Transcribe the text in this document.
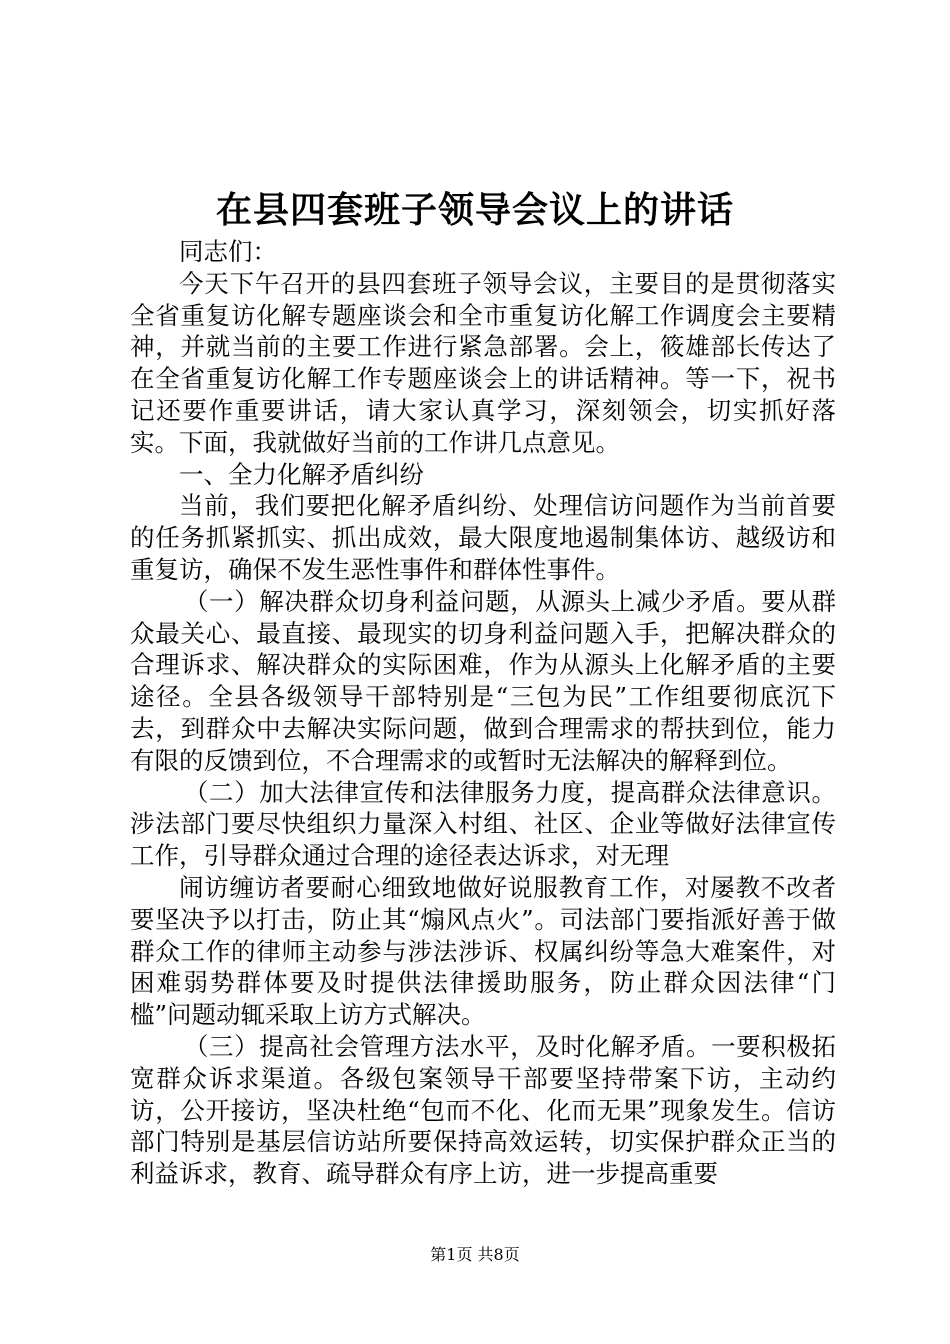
在县四套班子领导会议上的讲话

同志们：

今天下午召开的县四套班子领导会议，主要目的是贯彻落实全省重复访化解专题座谈会和全市重复访化解工作调度会主要精神，并就当前的主要工作进行紧急部署。会上，筱雄部长传达了在全省重复访化解工作专题座谈会上的讲话精神。等一下，祝书记还要作重要讲话，请大家认真学习，深刻领会，切实抓好落实。下面，我就做好当前的工作讲几点意见。

一、全力化解矛盾纠纷

当前，我们要把化解矛盾纠纷、处理信访问题作为当前首要的任务抓紧抓实、抓出成效，最大限度地遏制集体访、越级访和重复访，确保不发生恶性事件和群体性事件。

（一）解决群众切身利益问题，从源头上减少矛盾。要从群众最关心、最直接、最现实的切身利益问题入手，把解决群众的合理诉求、解决群众的实际困难，作为从源头上化解矛盾的主要途径。全县各级领导干部特别是“三包为民”工作组要彻底沉下去，到群众中去解决实际问题，做到合理需求的帮扶到位，能力有限的反馈到位，不合理需求的或暂时无法解决的解释到位。

（二）加大法律宣传和法律服务力度，提高群众法律意识。涉法部门要尽快组织力量深入村组、社区、企业等做好法律宣传工作，引导群众通过合理的途径表达诉求，对无理

闹访缠访者要耐心细致地做好说服教育工作，对屡教不改者要坚决予以打击，防止其“煽风点火”。司法部门要指派好善于做群众工作的律师主动参与涉法涉诉、权属纠纷等急大难案件，对困难弱势群体要及时提供法律援助服务，防止群众因法律“门槛”问题动辄采取上访方式解决。

（三）提高社会管理方法水平，及时化解矛盾。一要积极拓宽群众诉求渠道。各级包案领导干部要坚持带案下访，主动约访，公开接访，坚决杜绝“包而不化、化而无果”现象发生。信访部门特别是基层信访站所要保持高效运转，切实保护群众正当的利益诉求，教育、疏导群众有序上访，进一步提高重要

第1页 共8页
